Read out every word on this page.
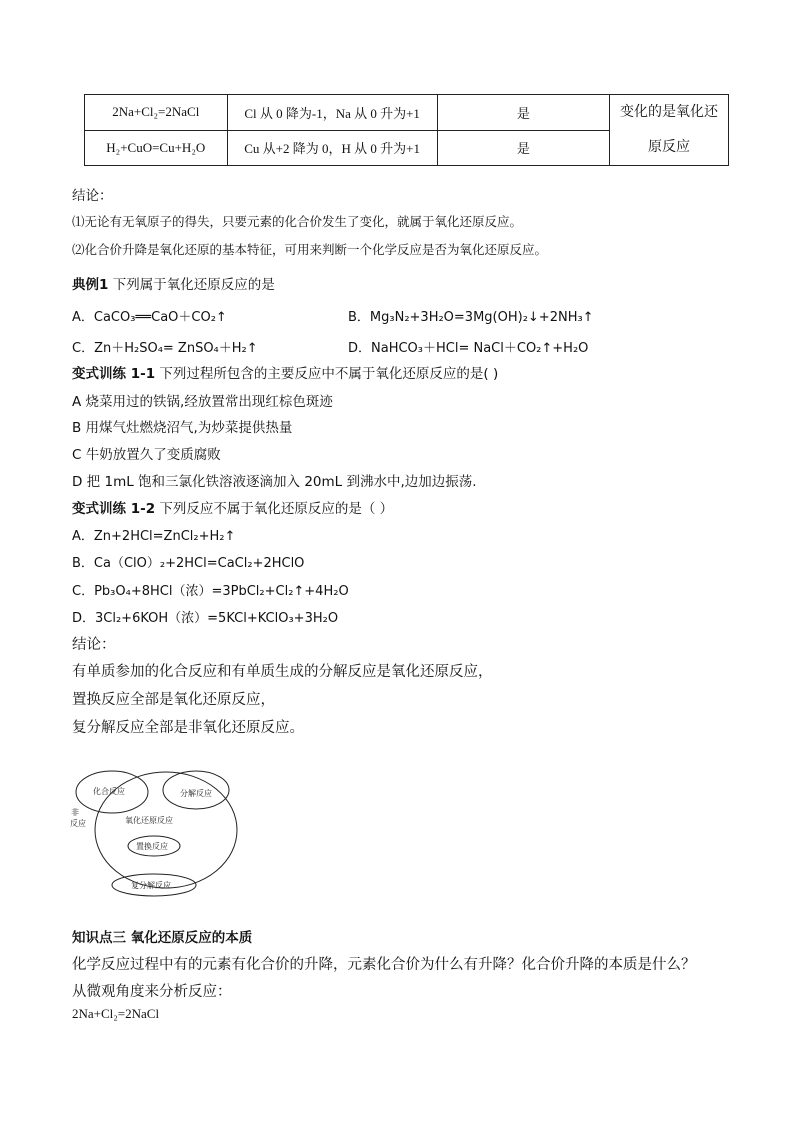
2Na+Cl₂=2NaCl	Cl 从 0 降为-1，Na 从 0 升为+1	是	变化的是氧化还
原反应
H₂+CuO=Cu+H₂O	Cu 从+2 降为 0，H 从 0 升为+1	是	
结论：
⑴无论有无氧原子的得失，只要元素的化合价发生了变化，就属于氧化还原反应。
⑵化合价升降是氧化还原的基本特征，可用来判断一个化学反应是否为氧化还原反应。
典例1 下列属于氧化还原反应的是
A．CaCO₃══CaO＋CO₂↑	B．Mg₃N₂+3H₂O=3Mg(OH)₂↓+2NH₃↑
C．Zn＋H₂SO₄= ZnSO₄＋H₂↑	D．NaHCO₃＋HCl= NaCl＋CO₂↑+H₂O
变式训练 1-1 下列过程所包含的主要反应中不属于氧化还原反应的是( )
A 烧菜用过的铁锅,经放置常出现红棕色斑迹
B 用煤气灶燃烧沼气,为炒菜提供热量
C 牛奶放置久了变质腐败
D 把 1mL 饱和三氯化铁溶液逐滴加入 20mL 到沸水中,边加边振荡.
变式训练 1-2 下列反应不属于氧化还原反应的是（ ）
A．Zn+2HCl=ZnCl₂+H₂↑
B．Ca（ClO）₂+2HCl=CaCl₂+2HClO
C．Pb₃O₄+8HCl（浓）=3PbCl₂+Cl₂↑+4H₂O
D．3Cl₂+6KOH（浓）=5KCl+KClO₃+3H₂O
结论：
有单质参加的化合反应和有单质生成的分解反应是氧化还原反应，
置换反应全部是氧化还原反应，
复分解反应全部是非氧化还原反应。
化合反应	分解反应
氧化还原反应
置换反应
复分解反应
非
反应
知识点三 氧化还原反应的本质
化学反应过程中有的元素有化合价的升降，元素化合价为什么有升降？化合价升降的本质是什么？
从微观角度来分析反应：
2Na+Cl₂=2NaCl
